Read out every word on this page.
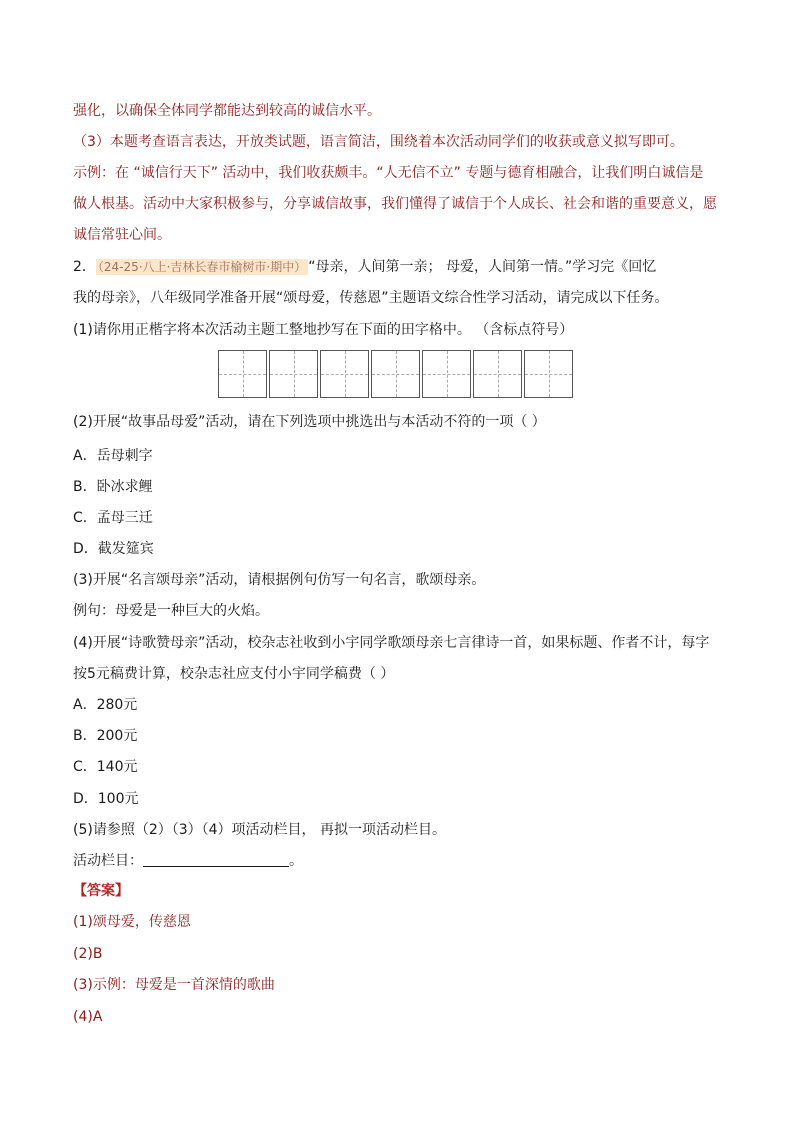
强化，以确保全体同学都能达到较高的诚信水平。
（3）本题考查语言表达，开放类试题，语言简洁，围绕着本次活动同学们的收获或意义拟写即可。
示例：在 “诚信行天下” 活动中，我们收获颇丰。“人无信不立” 专题与德育相融合，让我们明白诚信是
做人根基。活动中大家积极参与，分享诚信故事，我们懂得了诚信于个人成长、社会和谐的重要意义，愿
诚信常驻心间。
2． （24-25·八上·吉林长春市榆树市·期中） “母亲，人间第一亲； 母爱，人间第一情。”学习完《回忆
我的母亲》，八年级同学准备开展“颂母爱，传慈恩”主题语文综合性学习活动，请完成以下任务。
(1)请你用正楷字将本次活动主题工整地抄写在下面的田字格中。 （含标点符号）
(2)开展“故事品母爱”活动，请在下列选项中挑选出与本活动不符的一项（ ）
A．岳母刺字
B．卧冰求鲤
C．孟母三迁
D．截发筵宾
(3)开展“名言颂母亲”活动，请根据例句仿写一句名言，歌颂母亲。
例句：母爱是一种巨大的火焰。
(4)开展“诗歌赞母亲”活动，校杂志社收到小宇同学歌颂母亲七言律诗一首，如果标题、作者不计，每字
按5元稿费计算，校杂志社应支付小宇同学稿费（ ）
A．280元
B．200元
C．140元
D．100元
(5)请参照（2）（3）（4）项活动栏目， 再拟一项活动栏目。
活动栏目：	。
【答案】
(1)颂母爱，传慈恩
(2)B
(3)示例：母爱是一首深情的歌曲
(4)A
